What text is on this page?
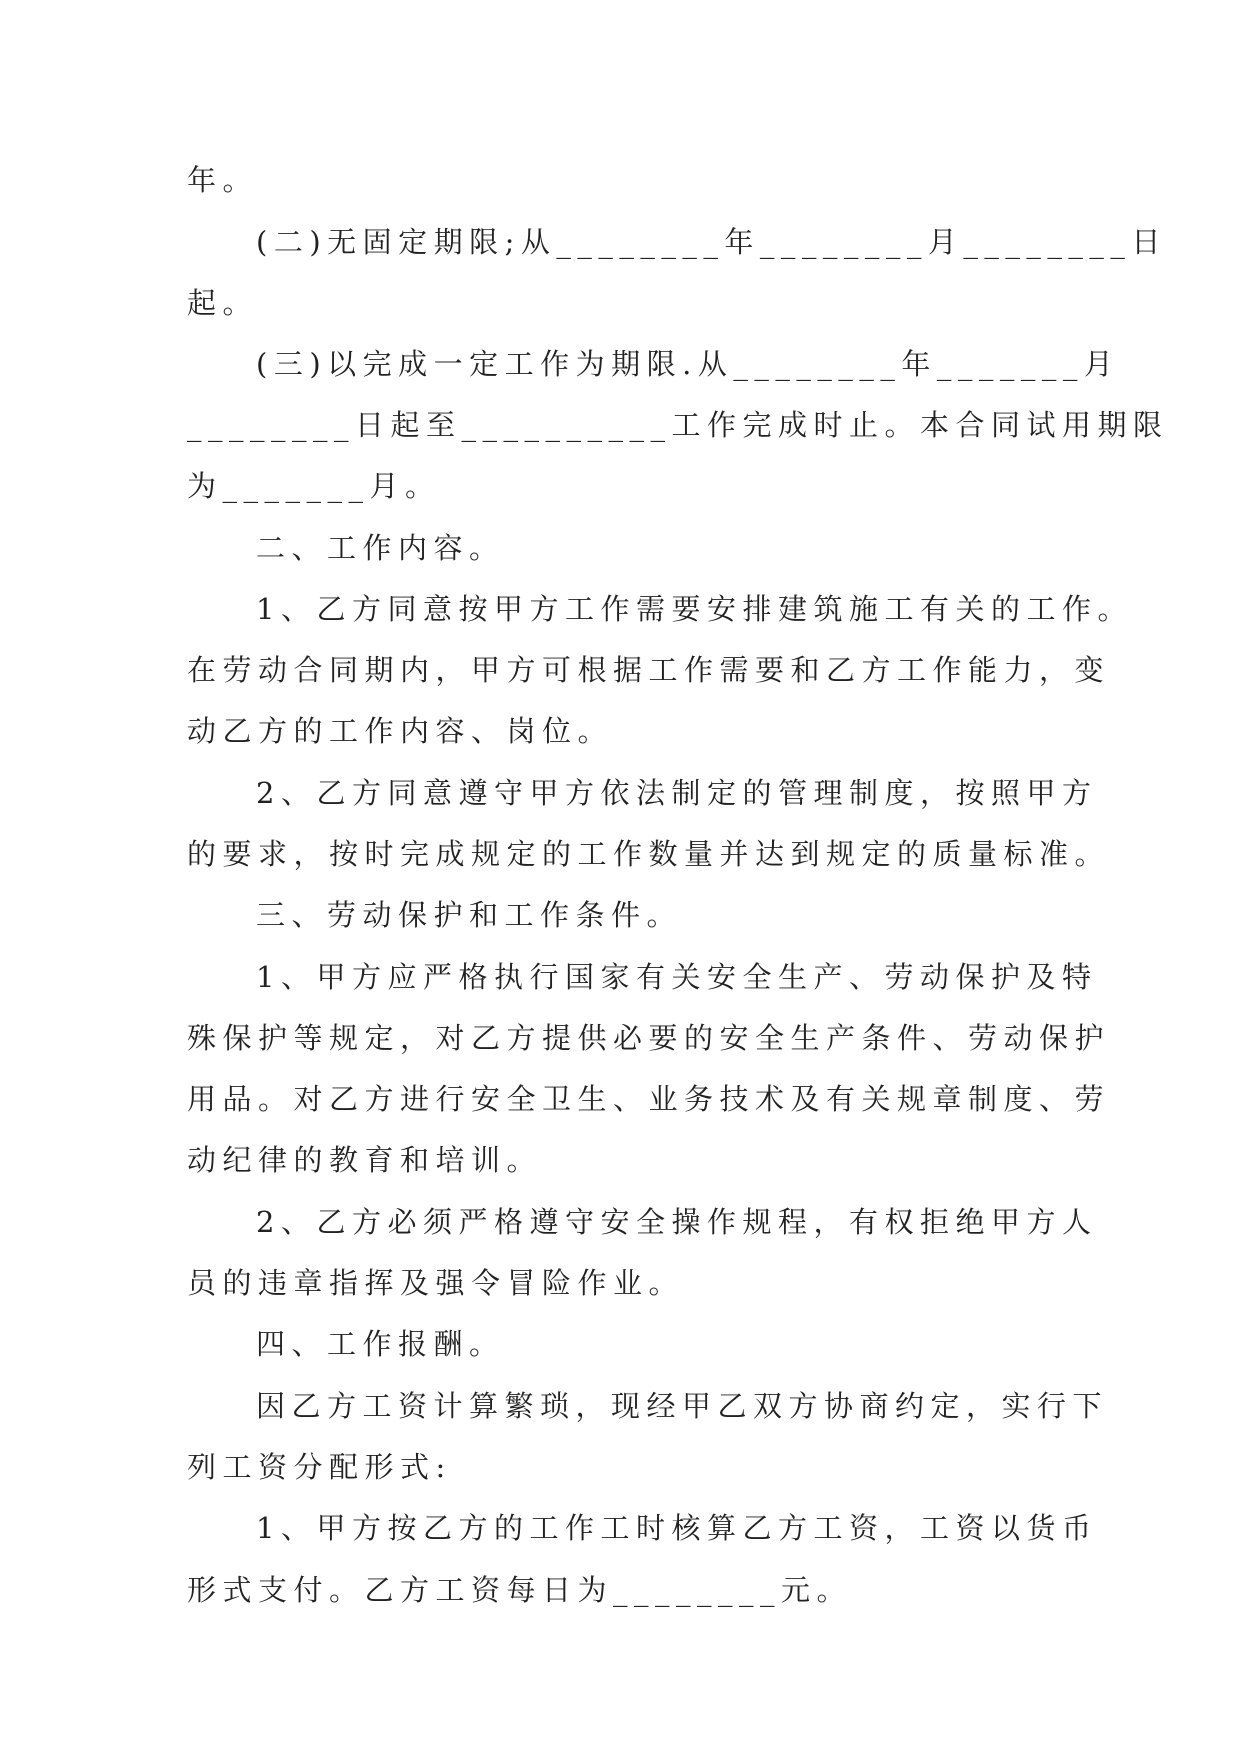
年。
(二)无固定期限;从________年________月________日
起。
(三)以完成一定工作为期限.从________年_______月
________日起至__________工作完成时止。本合同试用期限
为_______月。
二、工作内容。
1、乙方同意按甲方工作需要安排建筑施工有关的工作。
在劳动合同期内，甲方可根据工作需要和乙方工作能力，变
动乙方的工作内容、岗位。
2、乙方同意遵守甲方依法制定的管理制度，按照甲方
的要求，按时完成规定的工作数量并达到规定的质量标准。
三、劳动保护和工作条件。
1、甲方应严格执行国家有关安全生产、劳动保护及特
殊保护等规定，对乙方提供必要的安全生产条件、劳动保护
用品。对乙方进行安全卫生、业务技术及有关规章制度、劳
动纪律的教育和培训。
2、乙方必须严格遵守安全操作规程，有权拒绝甲方人
员的违章指挥及强令冒险作业。
四、工作报酬。
因乙方工资计算繁琐，现经甲乙双方协商约定，实行下
列工资分配形式:
1、甲方按乙方的工作工时核算乙方工资，工资以货币
形式支付。乙方工资每日为________元。
